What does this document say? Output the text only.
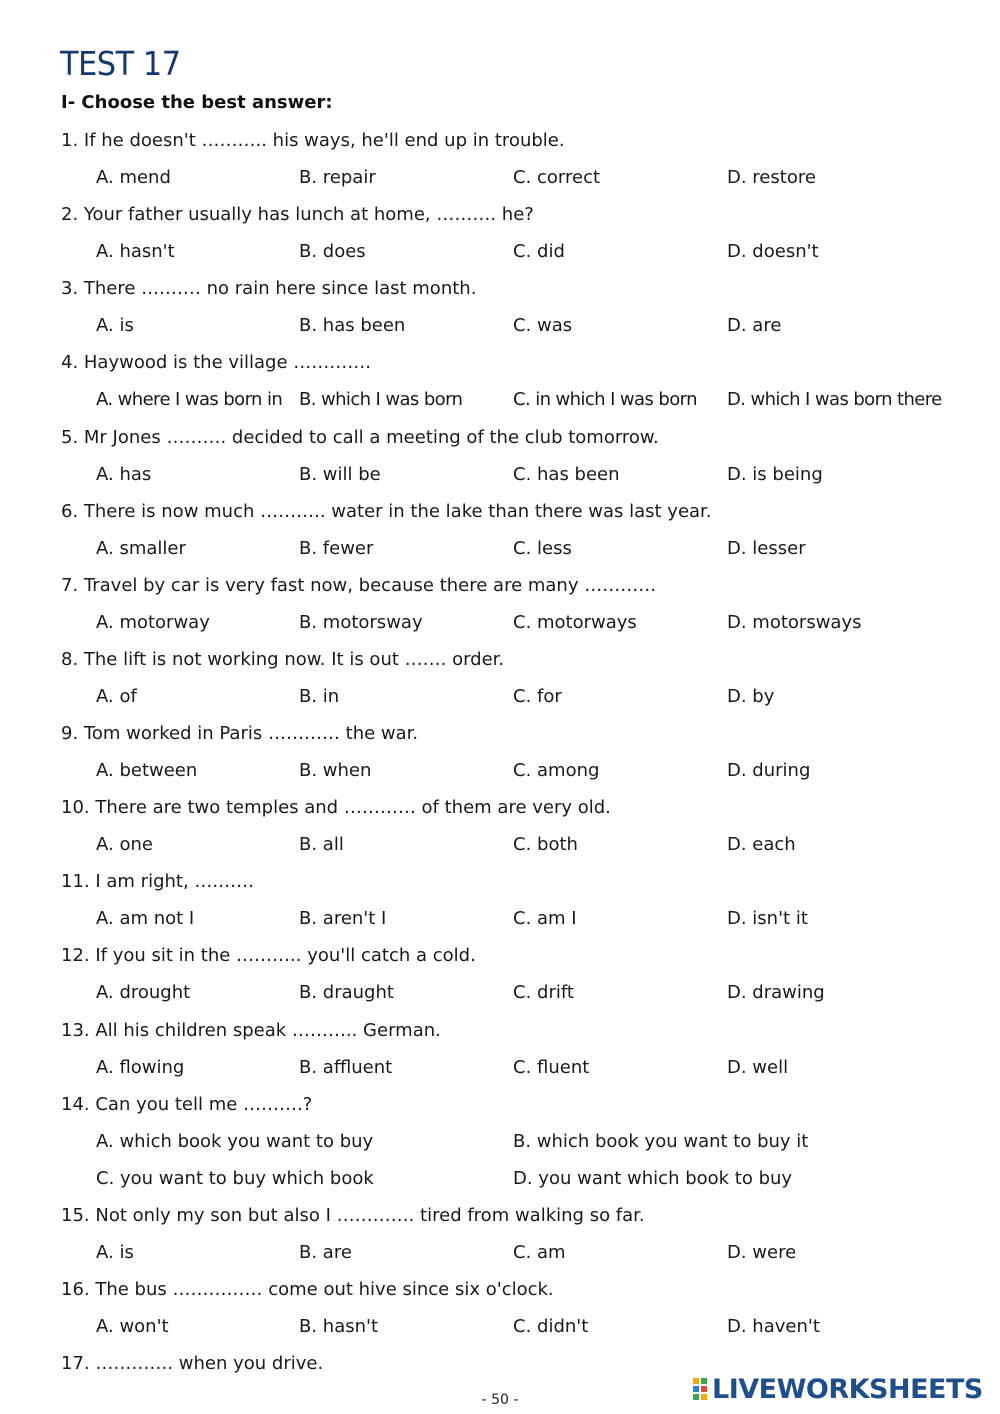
TEST 17
I- Choose the best answer:
1. If he doesn't ……….. his ways, he'll end up in trouble.
A. mend	B. repair	C. correct	D. restore
2. Your father usually has lunch at home, ………. he?
A. hasn't	B. does	C. did	D. doesn't
3. There ….…… no rain here since last month.
A. is	B. has been	C. was	D. are
4. Haywood is the village ………….
A. where I was born in B. which I was born	C. in which I was born D. which I was born there
5. Mr Jones ………. decided to call a meeting of the club tomorrow.
A. has	B. will be	C. has been	D. is being
6. There is now much ……….. water in the lake than there was last year.
A. smaller	B. fewer	C. less	D. lesser
7. Travel by car is very fast now, because there are many …………
A. motorway	B. motorsway	C. motorways	D. motorsways
8. The lift is not working now. It is out ……. order.
A. of	B. in	C. for	D. by
9. Tom worked in Paris ………… the war.
A. between	B. when	C. among	D. during
10. There are two temples and ………… of them are very old.
A. one	B. all	C. both	D. each
11. I am right, ….……
A. am not I	B. aren't I	C. am I	D. isn't it
12. If you sit in the ……….. you'll catch a cold.
A. drought	B. draught	C. drift	D. drawing
13. All his children speak ……….. German.
A. flowing	B. affluent	C. fluent	D. well
14. Can you tell me ……….?
A. which book you want to buy	B. which book you want to buy it
C. you want to buy which book	D. you want which book to buy
15. Not only my son but also I …………. tired from walking so far.
A. is	B. are	C. am	D. were
16. The bus …………… come out hive since six o'clock.
A. won't	B. hasn't	C. didn't	D. haven't
17. …………. when you drive.
- 50 -	LIVEWORKSHEETS
